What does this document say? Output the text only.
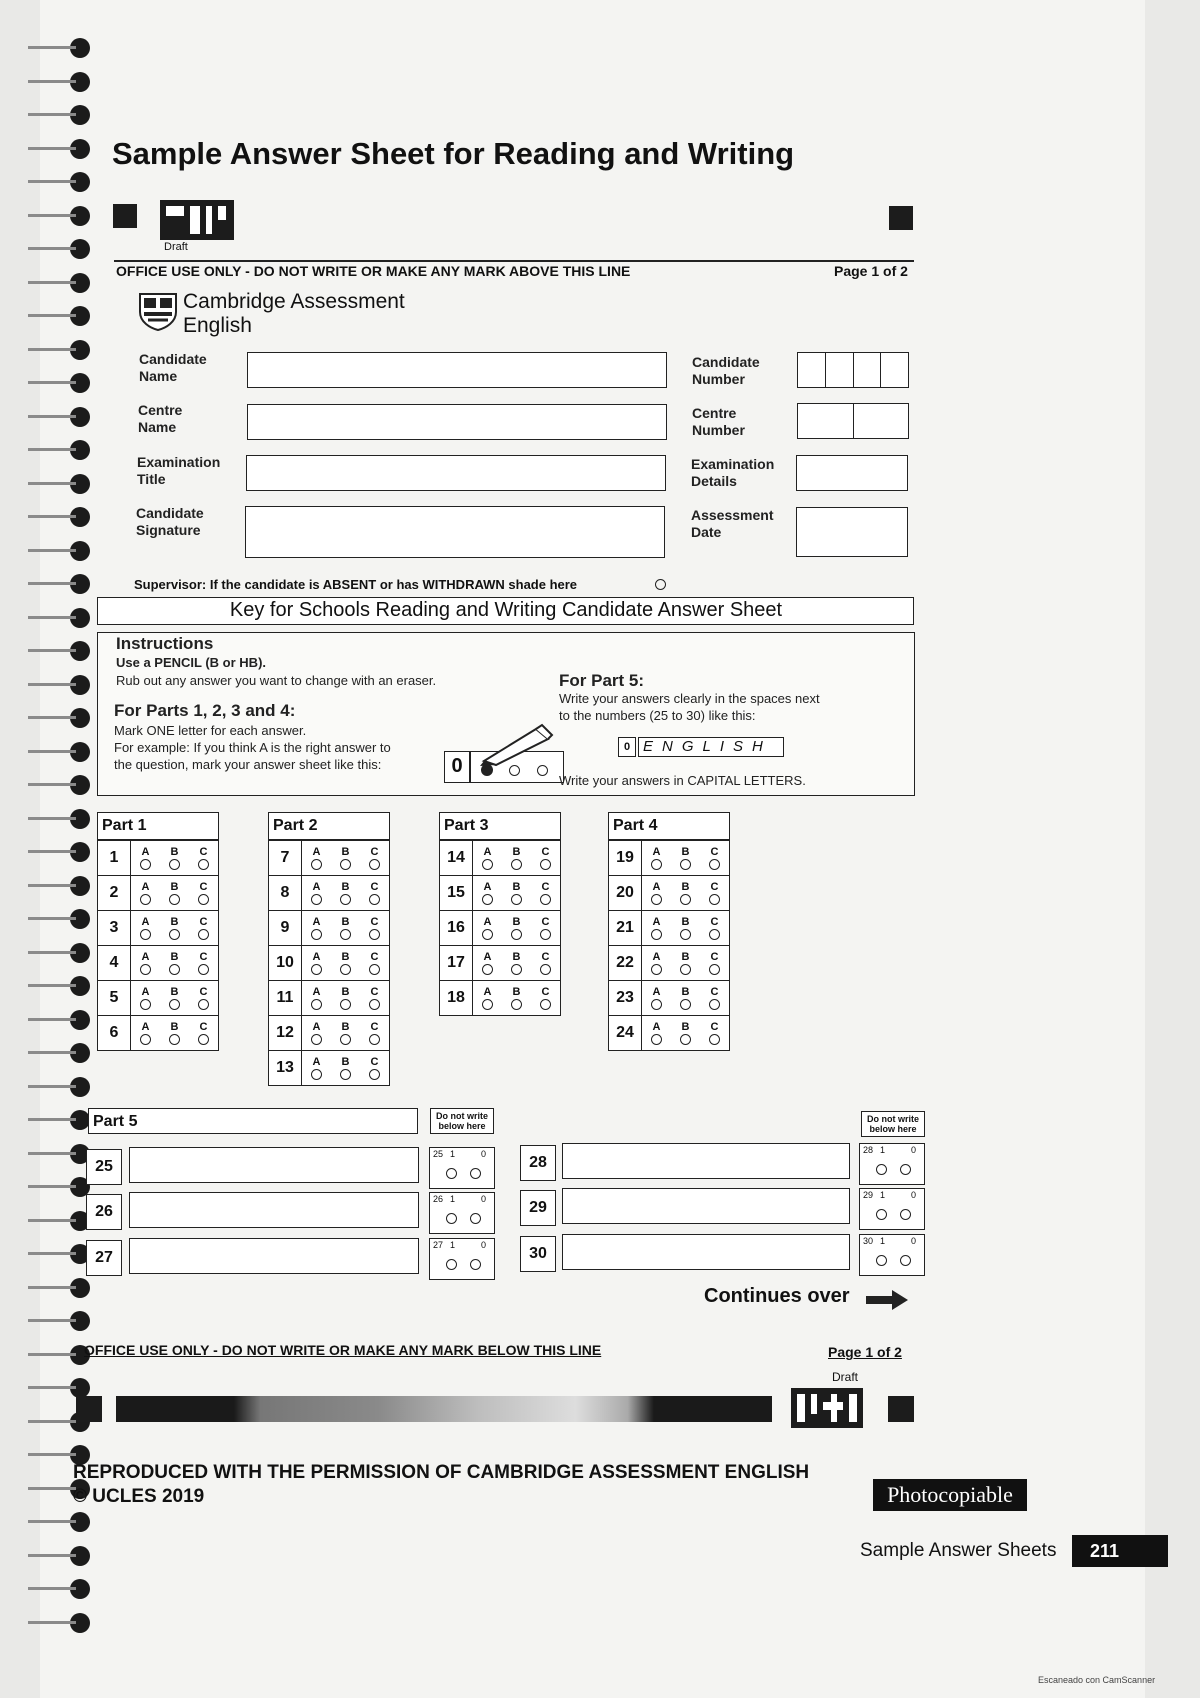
Sample Answer Sheet for Reading and Writing
Draft
OFFICE USE ONLY - DO NOT WRITE OR MAKE ANY MARK ABOVE THIS LINE	Page 1 of 2
Cambridge Assessment
English
Candidate Name
Centre Name
Examination Title
Candidate Signature
Candidate Number
Centre Number
Examination Details
Assessment Date
Supervisor: If the candidate is ABSENT or has WITHDRAWN shade here
Key for Schools Reading and Writing Candidate Answer Sheet
Instructions
Use a PENCIL (B or HB).
Rub out any answer you want to change with an eraser.
For Parts 1, 2, 3 and 4:
Mark ONE letter for each answer.
For example: If you think A is the right answer to
the question, mark your answer sheet like this:	0
For Part 5:
Write your answers clearly in the spaces next
to the numbers (25 to 30) like this:
0 ENGLISH
Write your answers in CAPITAL LETTERS.
Part 1
1	A B C
2	A B C
3	A B C
4	A B C
5	A B C
6	A B C
Part 2
7	A B C
8	A B C
9	A B C
10	A B C
11	A B C
12	A B C
13	A B C
Part 3
14	A B C
15	A B C
16	A B C
17	A B C
18	A B C
Part 4
19	A B C
20	A B C
21	A B C
22	A B C
23	A B C
24	A B C
Part 5	Do not write below here
Do not write below here
25
25 1	0
26
26 1	0
27
27 1	0
28
28 1	0
29
29 1	0
30
30 1	0
Continues over
OFFICE USE ONLY - DO NOT WRITE OR MAKE ANY MARK BELOW THIS LINE	Page 1 of 2
Draft
REPRODUCED WITH THE PERMISSION OF CAMBRIDGE ASSESSMENT ENGLISH
© UCLES 2019	Photocopiable
Sample Answer Sheets	211
Escaneado con CamScanner
